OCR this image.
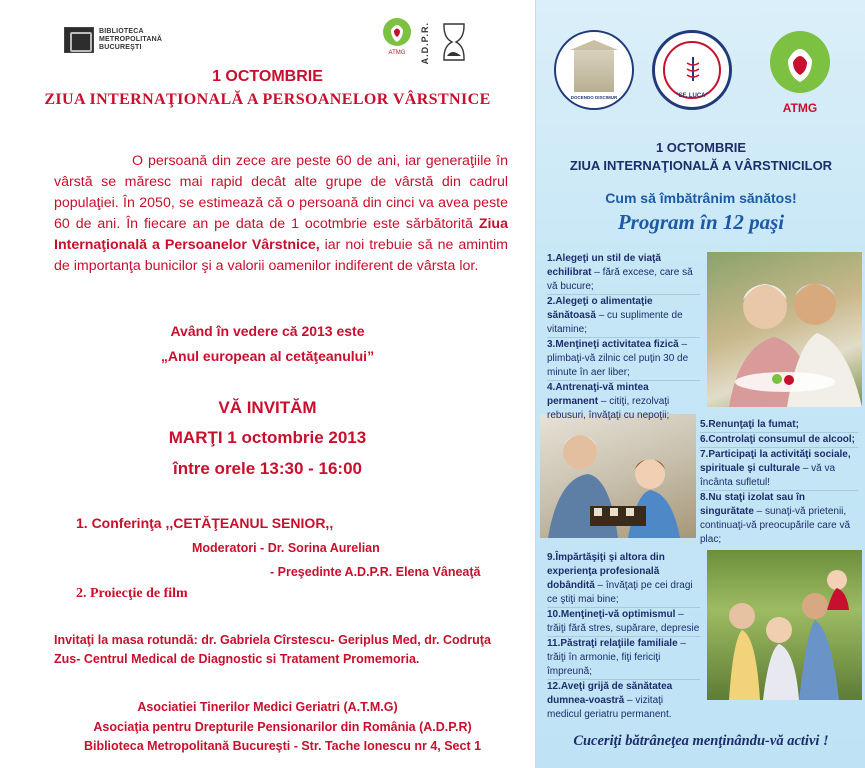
BIBLIOTECA
METROPOLITANĂ
BUCUREŞTI
ATMG A.D.P.R.
1 OCTOMBRIE
ZIUA INTERNAŢIONALĂ A PERSOANELOR VÂRSTNICE
O persoană din zece are peste 60 de ani, iar generaţiile în vârstă se măresc mai rapid decât alte grupe de vârstă din cadrul populaţiei. În 2050, se estimează că o persoană din cinci va avea peste 60 de ani. În fiecare an pe data de 1 ocotmbrie este sărbătorită Ziua Internaţională a Persoanelor Vârstnice, iar noi trebuie să ne amintim de importanţa bunicilor şi a valorii oamenilor indiferent de vârsta lor.
Având în vedere că 2013 este
„Anul european al cetăţeanului”
VĂ INVITĂM
MARŢI 1 octombrie 2013
între orele 13:30 - 16:00
1. Conferinţa ,,CETĂŢEANUL SENIOR,,
Moderatori - Dr. Sorina Aurelian
- Preşedinte A.D.P.R. Elena Vâneaţă
2. Proiecţie de film
Invitaţi la masa rotundă: dr. Gabriela Cîrstescu- Geriplus Med, dr. Codruţa Zus- Centrul Medical de Diagnostic si Tratament Promemoria.
Asociatiei Tinerilor Medici Geriatri (A.T.M.G)
Asociaţia pentru Drepturile Pensionarilor din România (A.D.P.R)
Biblioteca Metropolitană Bucureşti - Str. Tache Ionescu nr 4, Sect 1
DOCENDO DISCIMUR	"SF. LUCA"
ATMG
1 OCTOMBRIE
ZIUA INTERNAŢIONALĂ A VÂRSTNICILOR
Cum să îmbătrânim sănătos!
Program în 12 paşi
Cuceriţi bătrâneţea menţinându-vă activi !
1.Alegeţi un stil de viaţă echilibrat – fără excese, care să vă bucure;
2.Alegeţi o alimentaţie sănătoasă – cu suplimente de vitamine;
3.Menţineţi activitatea fizică – plimbaţi-vă zilnic cel puţin 30 de minute în aer liber;
4.Antrenaţi-vă mintea permanent – citiţi, rezolvaţi rebusuri, învăţaţi cu nepoţii;
5.Renunţaţi la fumat;
6.Controlaţi consumul de alcool;
7.Participaţi la activităţi sociale, spirituale şi culturale – vă va încânta sufletul!
8.Nu staţi izolat sau în singurătate – sunaţi-vă prietenii, continuaţi-vă preocupările care vă plac;
9.Împărtăşiţi şi altora din experienţa profesională dobândită – învăţaţi pe cei dragi ce ştiţi mai bine;
10.Menţineţi-vă optimismul – trăiţi fără stres, supărare, depresie
11.Păstraţi relaţiile familiale – trăiţi în armonie, fiţi fericiţi împreună;
12.Aveţi grijă de sănătatea dumnea-voastră – vizitaţi medicul geriatru permanent.
